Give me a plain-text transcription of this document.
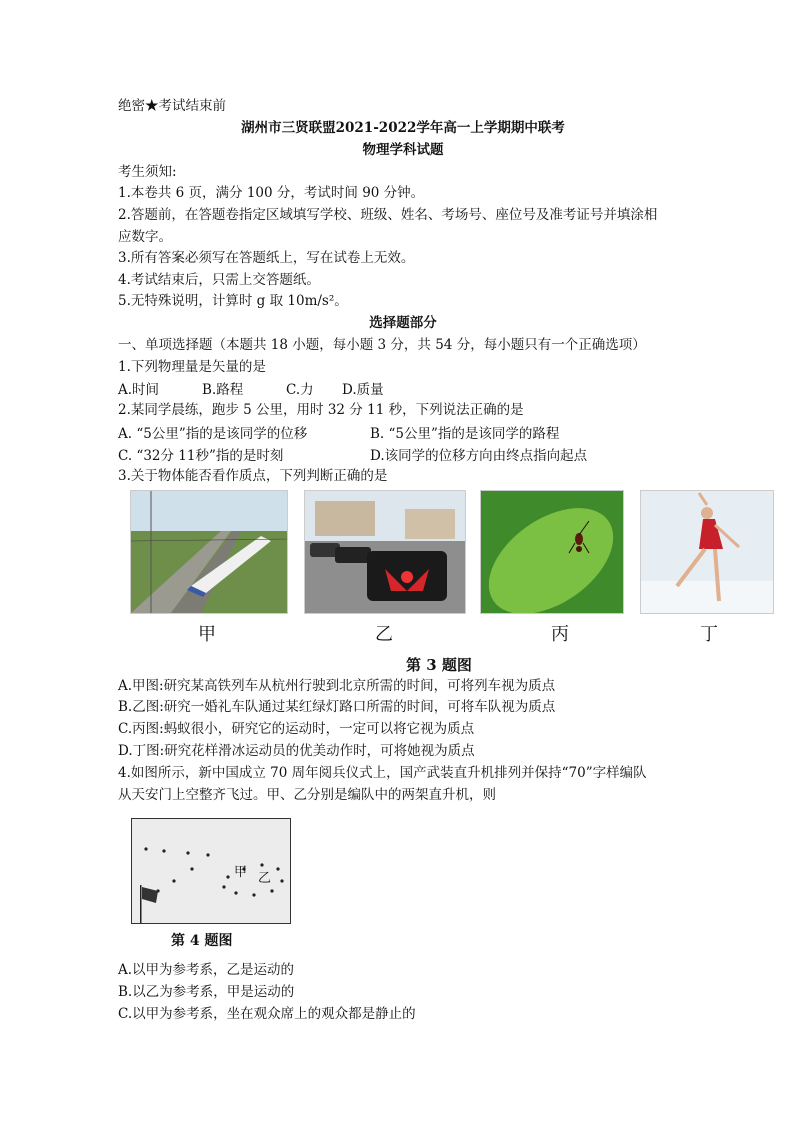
绝密★考试结束前
湖州市三贤联盟2021-2022学年高一上学期期中联考
物理学科试题
考生须知:
1.本卷共 6 页，满分 100 分，考试时间 90 分钟。
2.答题前，在答题卷指定区域填写学校、班级、姓名、考场号、座位号及准考证号并填涂相
应数字。
3.所有答案必须写在答题纸上，写在试卷上无效。
4.考试结束后，只需上交答题纸。
5.无特殊说明，计算时 g 取 10m/s²。
选择题部分
一、单项选择题（本题共 18 小题，每小题 3 分，共 54 分，每小题只有一个正确选项）
1.下列物理量是矢量的是
A.时间	B.路程	C.力 D.质量
2.某同学晨练，跑步 5 公里，用时 32 分 11 秒，下列说法正确的是
A. “5公里”指的是该同学的位移	B. “5公里”指的是该同学的路程
C. “32分 11秒”指的是时刻	D.该同学的位移方向由终点指向起点
3.关于物体能否看作质点，下列判断正确的是
甲	乙	丙	丁
第 3 题图
A.甲图:研究某高铁列车从杭州行驶到北京所需的时间，可将列车视为质点
B.乙图:研究一婚礼车队通过某红绿灯路口所需的时间，可将车队视为质点
C.丙图:蚂蚁很小，研究它的运动时，一定可以将它视为质点
D.丁图:研究花样滑冰运动员的优美动作时，可将她视为质点
4.如图所示，新中国成立 70 周年阅兵仪式上，国产武装直升机排列并保持“70”字样编队
从天安门上空整齐飞过。甲、乙分别是编队中的两架直升机，则
甲 乙
第 4 题图
A.以甲为参考系，乙是运动的
B.以乙为参考系，甲是运动的
C.以甲为参考系，坐在观众席上的观众都是静止的
